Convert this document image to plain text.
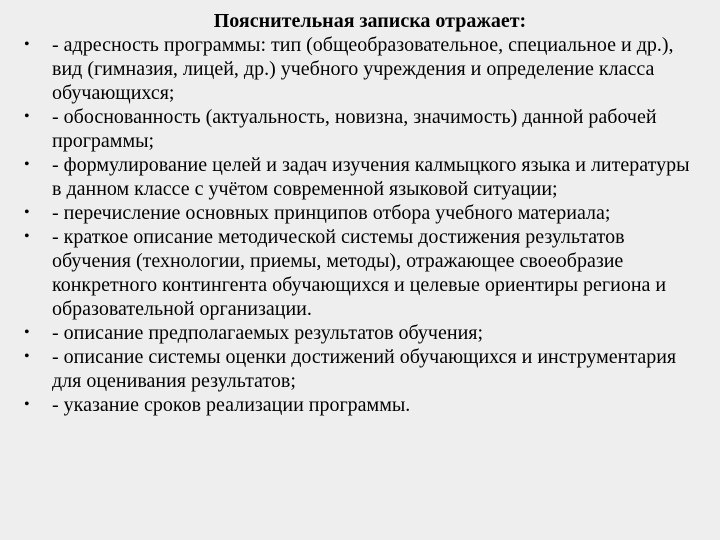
Пояснительная записка отражает:
• - адресность программы: тип (общеобразовательное, специальное и др.), вид (гимназия, лицей, др.) учебного учреждения и определение класса обучающихся;
• - обоснованность (актуальность, новизна, значимость) данной рабочей программы;
• - формулирование целей и задач изучения калмыцкого языка и литературы в данном классе с учётом современной языковой ситуации;
• - перечисление основных принципов отбора учебного материала;
• - краткое описание методической системы достижения результатов обучения (технологии, приемы, методы), отражающее своеобразие конкретного контингента обучающихся и целевые ориентиры региона и образовательной организации.
• - описание предполагаемых результатов обучения;
• - описание системы оценки достижений обучающихся и инструментария для оценивания результатов;
• - указание сроков реализации программы.
